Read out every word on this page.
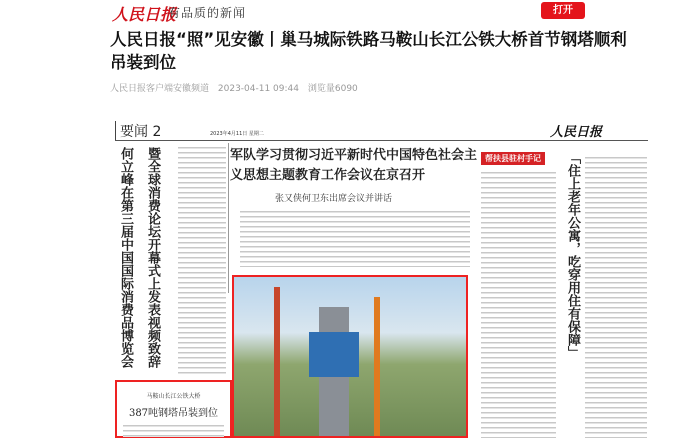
人民日报
有品质的新闻	打开
人民日报“照”见安徽丨巢马城际铁路马鞍山长江公铁大桥首节钢塔顺利吊装到位
人民日报客户端安徽频道 2023-04-11 09:44 浏览量6090
要闻 2	2023年4月11日 星期二	人民日报
何立峰在第三届中国国际消费品博览会 暨全球消费论坛开幕式上发表视频致辞	军队学习贯彻习近平新时代中国特色社会主义思想主题教育工作会议在京召开
张又侠何卫东出席会议并讲话
马鞍山长江公铁大桥
387吨钢塔吊装到位
帮扶县驻村手记	「住上老年公寓，吃穿用住有保障」
